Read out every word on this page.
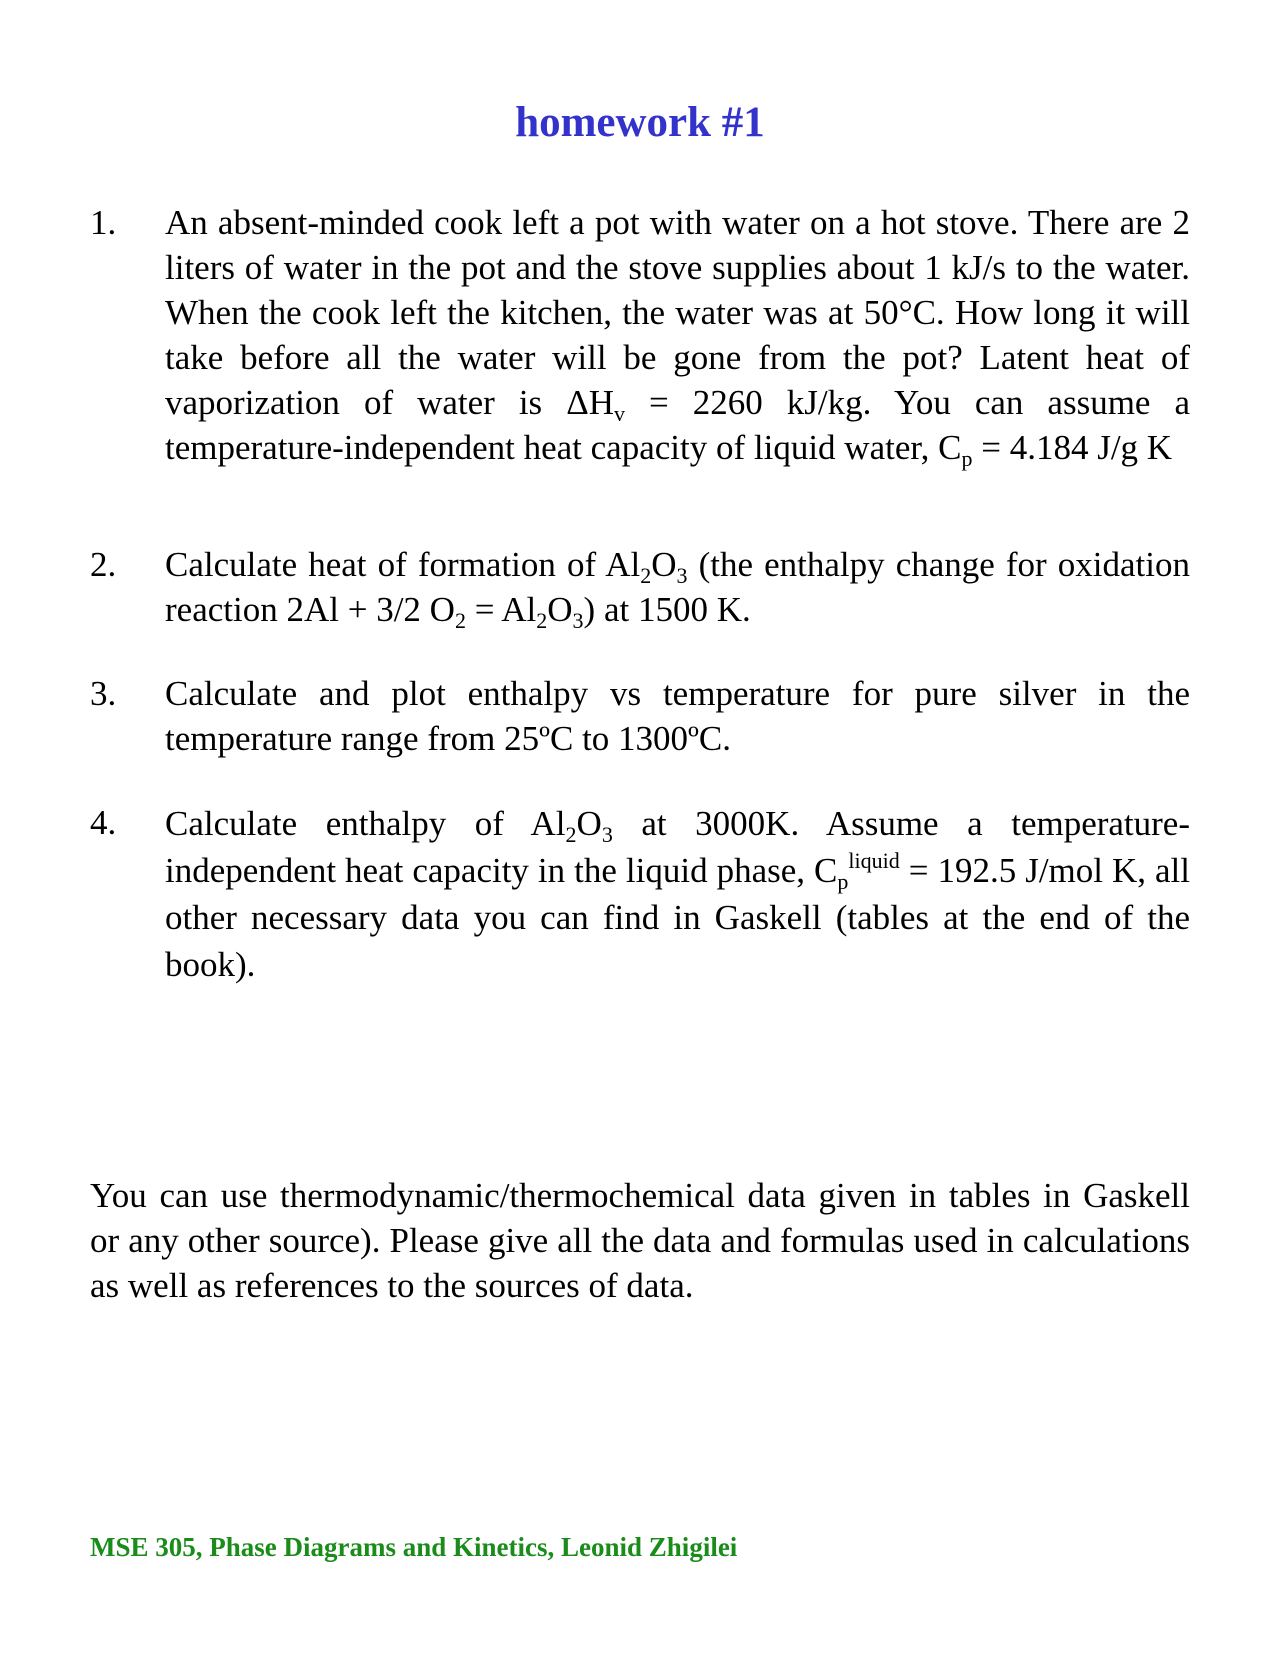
homework #1
1. An absent-minded cook left a pot with water on a hot stove. There are 2 liters of water in the pot and the stove supplies about 1 kJ/s to the water. When the cook left the kitchen, the water was at 50°C. How long it will take before all the water will be gone from the pot? Latent heat of vaporization of water is $\Delta H_v = 2260$ kJ/kg. You can assume a temperature-independent heat capacity of liquid water, $C_p = 4.184$ J/g K
2. Calculate heat of formation of $Al_2O_3$ (the enthalpy change for oxidation reaction 2Al + 3/2 $O_2 = Al_2O_3$) at 1500 K.
3. Calculate and plot enthalpy vs temperature for pure silver in the temperature range from 25ºC to 1300ºC.
4. Calculate enthalpy of $Al_2O_3$ at 3000K. Assume a temperature-independent heat capacity in the liquid phase, $C_p^{liquid} = 192.5$ J/mol K, all other necessary data you can find in Gaskell (tables at the end of the book).
You can use thermodynamic/thermochemical data given in tables in Gaskell or any other source). Please give all the data and formulas used in calculations as well as references to the sources of data.
MSE 305, Phase Diagrams and Kinetics, Leonid Zhigilei
